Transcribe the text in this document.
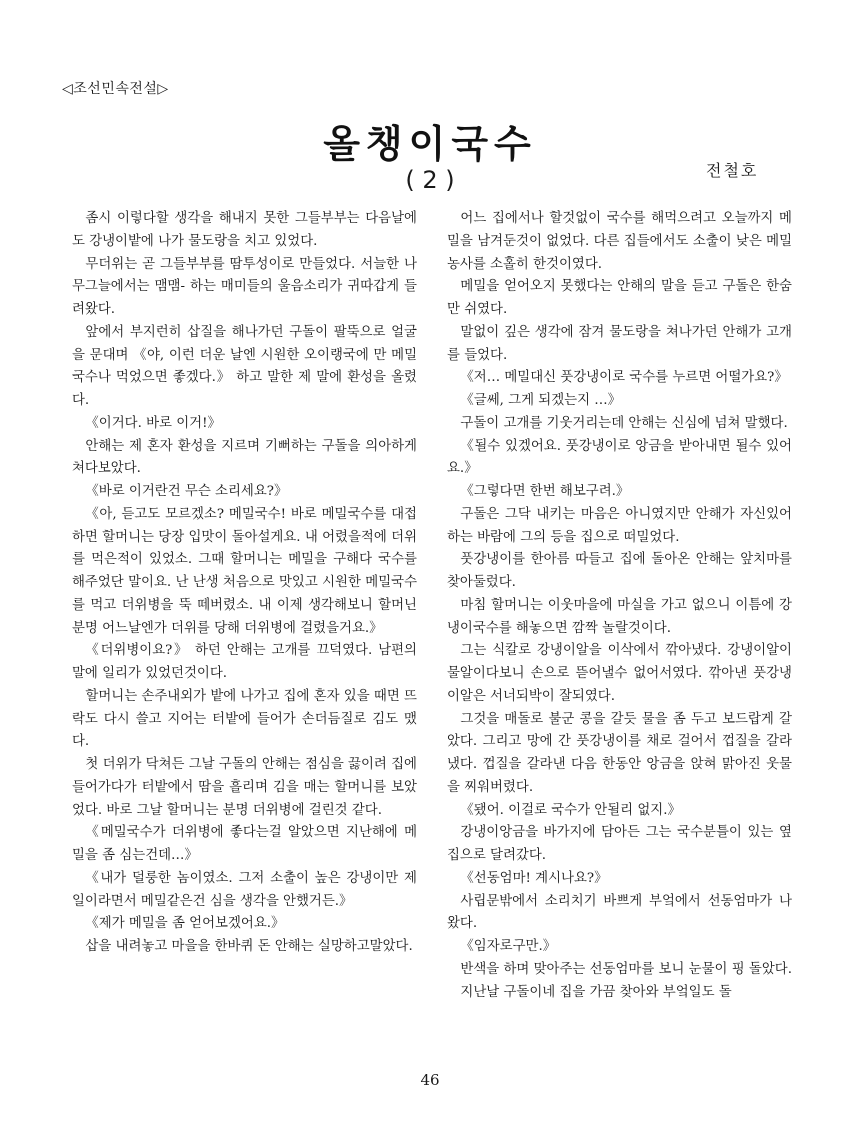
◁조선민속전설▷
올챙이국수
( 2 )	전철호

좀시 이렇다할 생각을 해내지 못한 그들부부는 다음날에도 강냉이밭에 나가 물도랑을 치고 있었다.

무더위는 곧 그들부부를 땀투성이로 만들었다. 서늘한 나무그늘에서는 맴맴- 하는 매미들의 울음소리가 귀따갑게 들려왔다.

앞에서 부지런히 삽질을 해나가던 구돌이 팔뚝으로 얼굴을 문대며 《야, 이런 더운 날엔 시원한 오이랭국에 만 메밀국수나 먹었으면 좋겠다.》 하고 말한 제 말에 환성을 올렸다.

《이거다. 바로 이거!》

안해는 제 혼자 환성을 지르며 기뻐하는 구돌을 의아하게 쳐다보았다.

《바로 이거란건 무슨 소리세요?》

《아, 듣고도 모르겠소? 메밀국수! 바로 메밀국수를 대접하면 할머니는 당장 입맛이 돌아설게요. 내 어렸을적에 더위를 먹은적이 있었소. 그때 할머니는 메밀을 구해다 국수를 해주었단 말이요. 난 난생 처음으로 맛있고 시원한 메밀국수를 먹고 더위병을 뚝 떼버렸소. 내 이제 생각해보니 할머닌 분명 어느날엔가 더위를 당해 더위병에 걸렸을거요.》

《더위병이요?》 하던 안해는 고개를 끄덕였다. 남편의 말에 일리가 있었던것이다.

할머니는 손주내외가 밭에 나가고 집에 혼자 있을 때면 뜨락도 다시 쓸고 지어는 터밭에 들어가 손더듬질로 김도 맸다.

첫 더위가 닥쳐든 그날 구돌의 안해는 점심을 끓이려 집에 들어가다가 터밭에서 땀을 흘리며 김을 매는 할머니를 보았었다. 바로 그날 할머니는 분명 더위병에 걸린것 같다.

《메밀국수가 더위병에 좋다는걸 알았으면 지난해에 메밀을 좀 심는건데…》

《내가 덜룽한 놈이였소. 그저 소출이 높은 강냉이만 제일이라면서 메밀같은건 심을 생각을 안했거든.》

《제가 메밀을 좀 얻어보겠어요.》

삽을 내려놓고 마을을 한바퀴 돈 안해는 실망하고말았다.

어느 집에서나 할것없이 국수를 해먹으려고 오늘까지 메밀을 남겨둔것이 없었다. 다른 집들에서도 소출이 낮은 메밀농사를 소홀히 한것이였다.

메밀을 얻어오지 못했다는 안해의 말을 듣고 구돌은 한숨만 쉬였다.

말없이 깊은 생각에 잠겨 물도랑을 쳐나가던 안해가 고개를 들었다.

《저… 메밀대신 풋강냉이로 국수를 누르면 어떨가요?》

《글쎄, 그게 되겠는지 …》

구돌이 고개를 기웃거리는데 안해는 신심에 넘쳐 말했다.

《될수 있겠어요. 풋강냉이로 앙금을 받아내면 될수 있어요.》

《그렇다면 한번 해보구려.》

구돌은 그닥 내키는 마음은 아니였지만 안해가 자신있어하는 바람에 그의 등을 집으로 떠밀었다.

풋강냉이를 한아름 따들고 집에 돌아온 안해는 앞치마를 찾아둘렀다.

마침 할머니는 이웃마을에 마실을 가고 없으니 이틈에 강냉이국수를 해놓으면 깜짝 놀랄것이다.

그는 식칼로 강냉이알을 이삭에서 깎아냈다. 강냉이알이 물알이다보니 손으로 뜯어낼수 없어서였다. 깎아낸 풋강냉이알은 서너되박이 잘되였다.

그것을 매돌로 불군 콩을 갈듯 물을 좀 두고 보드랍게 갈았다. 그리고 망에 간 풋강냉이를 채로 걸어서 껍질을 갈라냈다. 껍질을 갈라낸 다음 한동안 앙금을 앉혀 맑아진 웃물을 찌워버렸다.

《됐어. 이걸로 국수가 안될리 없지.》

강냉이앙금을 바가지에 담아든 그는 국수분틀이 있는 옆집으로 달려갔다.

《선동엄마! 계시나요?》

사립문밖에서 소리치기 바쁘게 부엌에서 선동엄마가 나왔다.

《임자로구만.》

반색을 하며 맞아주는 선동엄마를 보니 눈물이 핑 돌았다.

지난날 구돌이네 집을 가끔 찾아와 부엌일도 돌

46
